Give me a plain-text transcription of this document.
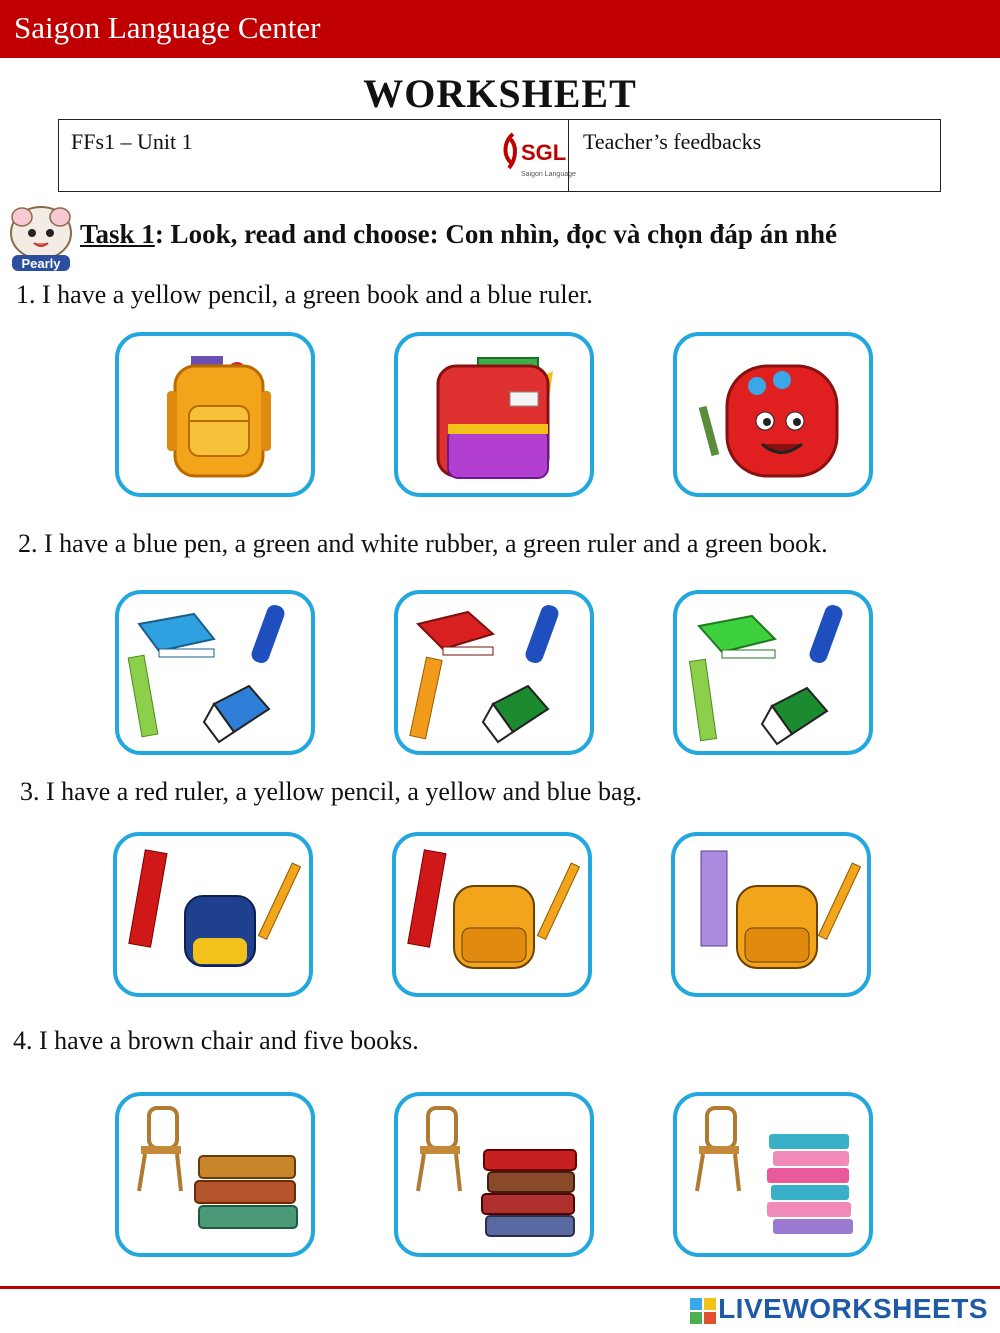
Saigon Language Center
WORKSHEET
FFs1 – Unit 1	SGL
Saigon Language
Teacher’s feedbacks
Pearly
Task 1: Look, read and choose: Con nhìn, đọc và chọn đáp án nhé
1. I have a yellow pencil, a green book and a blue ruler.
2. I have a blue pen, a green and white rubber, a green ruler and a green book.
3. I have a red ruler, a yellow pencil, a yellow and blue bag.
4. I have a brown chair and five books.
LIVEWORKSHEETS
